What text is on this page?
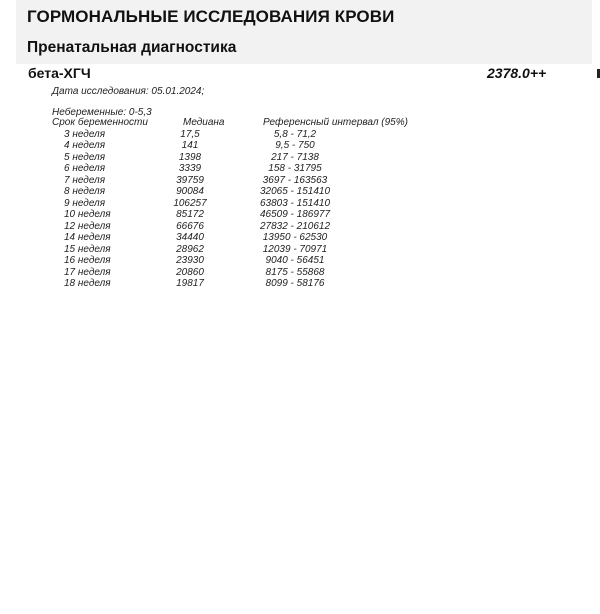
ГОРМОНАЛЬНЫЕ ИССЛЕДОВАНИЯ КРОВИ
Пренатальная диагностика
бета-ХГЧ	2378.0++
Дата исследования: 05.01.2024;
Небеременные: 0-5,3
Срок беременности	Медиана	Референсный интервал (95%)
3 неделя	17,5	5,8 - 71,2
4 неделя	141	9,5 - 750
5 неделя	1398	217 - 7138
6 неделя	3339	158 - 31795
7 неделя	39759	3697 - 163563
8 неделя	90084	32065 - 151410
9 неделя	106257	63803 - 151410
10 неделя	85172	46509 - 186977
12 неделя	66676	27832 - 210612
14 неделя	34440	13950 - 62530
15 неделя	28962	12039 - 70971
16 неделя	23930	9040 - 56451
17 неделя	20860	8175 - 55868
18 неделя	19817	8099 - 58176
